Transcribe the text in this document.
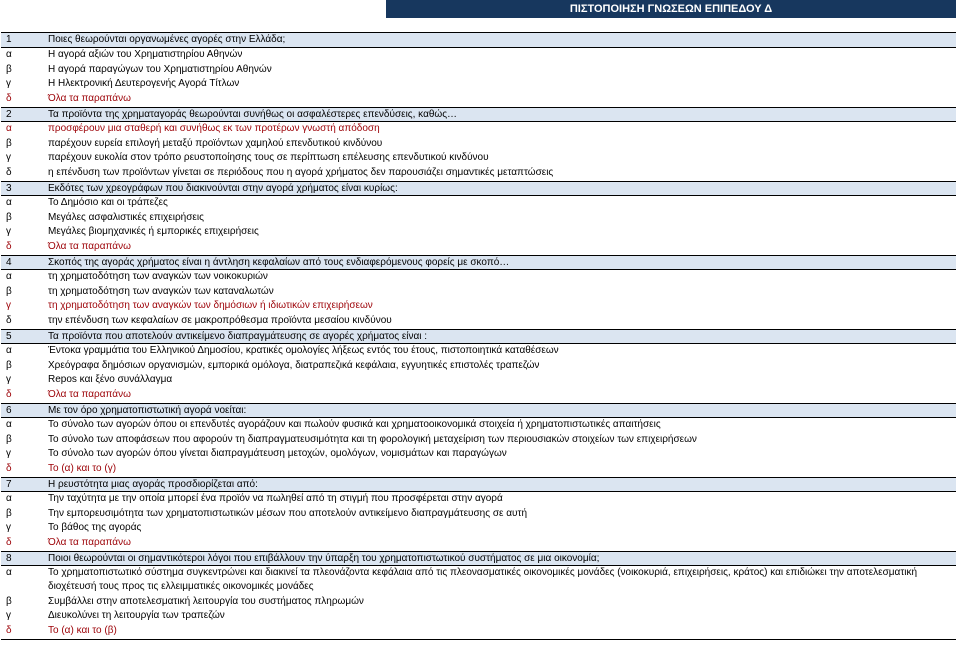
ΠΙΣΤΟΠΟΙΗΣΗ ΓΝΩΣΕΩΝ ΕΠΙΠΕΔΟΥ Δ
1	Ποιες θεωρούνται οργανωμένες αγορές στην Ελλάδα;
α	Η αγορά αξιών του Χρηματιστηρίου Αθηνών
β	Η αγορά παραγώγων του Χρηματιστηρίου Αθηνών
γ	Η Ηλεκτρονική Δευτερογενής Αγορά Τίτλων
δ	Όλα τα παραπάνω
2	Τα προϊόντα της χρηματαγοράς θεωρούνται συνήθως οι ασφαλέστερες επενδύσεις, καθώς…
α	προσφέρουν μια σταθερή και συνήθως εκ των προτέρων γνωστή απόδοση
β	παρέχουν ευρεία επιλογή μεταξύ προϊόντων χαμηλού επενδυτικού κινδύνου
γ	παρέχουν ευκολία στον τρόπο ρευστοποίησης τους σε περίπτωση επέλευσης επενδυτικού κινδύνου
δ	η επένδυση των προϊόντων γίνεται σε περιόδους που η αγορά χρήματος δεν παρουσιάζει σημαντικές μεταπτώσεις
3	Εκδότες των χρεογράφων που διακινούνται στην αγορά χρήματος είναι κυρίως:
α	Το Δημόσιο και οι τράπεζες
β	Μεγάλες ασφαλιστικές επιχειρήσεις
γ	Μεγάλες βιομηχανικές ή εμπορικές επιχειρήσεις
δ	Όλα τα παραπάνω
4	Σκοπός της αγοράς χρήματος είναι η άντληση κεφαλαίων από τους ενδιαφερόμενους φορείς με σκοπό…
α	τη χρηματοδότηση των αναγκών των νοικοκυριών
β	τη χρηματοδότηση των αναγκών των καταναλωτών
γ	τη χρηματοδότηση των αναγκών των δημόσιων ή ιδιωτικών επιχειρήσεων
δ	την επένδυση των κεφαλαίων σε μακροπρόθεσμα προϊόντα μεσαίου κινδύνου
5	Τα προϊόντα που αποτελούν αντικείμενο διαπραγμάτευσης σε αγορές χρήματος είναι :
α	Έντοκα γραμμάτια του Ελληνικού Δημοσίου, κρατικές ομολογίες λήξεως εντός του έτους, πιστοποιητικά καταθέσεων
β	Χρεόγραφα δημόσιων οργανισμών, εμπορικά ομόλογα, διατραπεζικά κεφάλαια, εγγυητικές επιστολές τραπεζών
γ	Repos και ξένο συνάλλαγμα
δ	Όλα τα παραπάνω
6	Με τον όρο χρηματοπιστωτική αγορά νοείται:
α	Το σύνολο των αγορών όπου οι επενδυτές αγοράζουν και πωλούν φυσικά και χρηματοοικονομικά στοιχεία ή χρηματοπιστωτικές απαιτήσεις
β	Το σύνολο των αποφάσεων που αφορούν τη διαπραγματευσιμότητα και τη φορολογική μεταχείριση των περιουσιακών στοιχείων των επιχειρήσεων
γ	Το σύνολο των αγορών όπου γίνεται διαπραγμάτευση μετοχών, ομολόγων, νομισμάτων και παραγώγων
δ	Το (α) και το (γ)
7	Η ρευστότητα μιας αγοράς προσδιορίζεται από:
α	Την ταχύτητα με την οποία μπορεί ένα προϊόν να πωληθεί από τη στιγμή που προσφέρεται στην αγορά
β	Την εμπορευσιμότητα των χρηματοπιστωτικών μέσων που αποτελούν αντικείμενο διαπραγμάτευσης σε αυτή
γ	Το βάθος της αγοράς
δ	Όλα τα παραπάνω
8	Ποιοι θεωρούνται οι σημαντικότεροι λόγοι που επιβάλλουν την ύπαρξη του χρηματοπιστωτικού συστήματος σε μια οικονομία;
α	Το χρηματοπιστωτικό σύστημα συγκεντρώνει και διακινεί τα πλεονάζοντα κεφάλαια από τις πλεονασματικές οικονομικές μονάδες (νοικοκυριά, επιχειρήσεις, κράτος) και επιδιώκει την αποτελεσματική διοχέτευσή τους προς τις ελλειμματικές οικονομικές μονάδες
β	Συμβάλλει στην αποτελεσματική λειτουργία του συστήματος πληρωμών
γ	Διευκολύνει τη λειτουργία των τραπεζών
δ	Το (α) και το (β)
